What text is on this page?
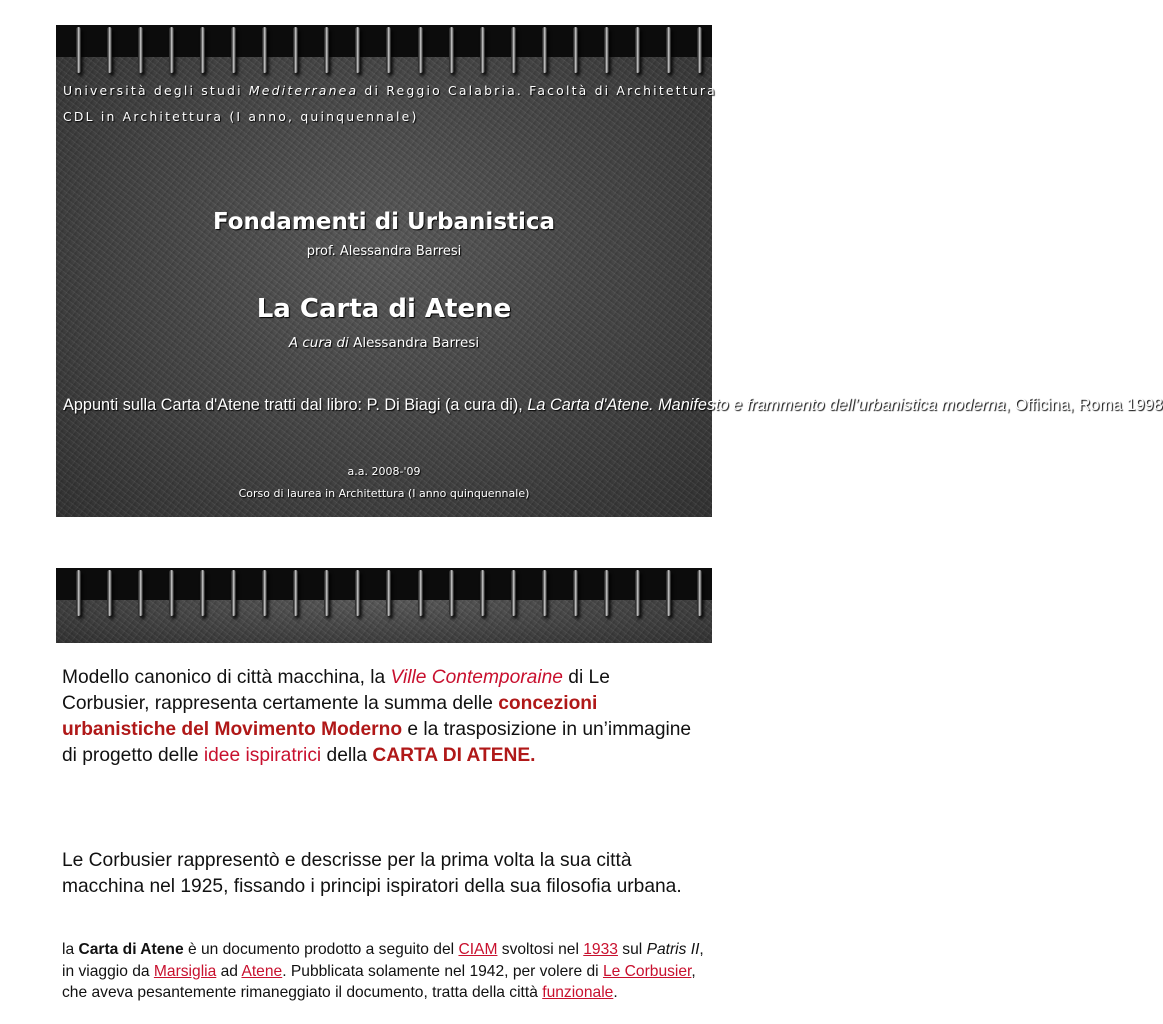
Università degli studi Mediterranea di Reggio Calabria. Facoltà di Architettura
CDL in Architettura (I anno, quinquennale)
Fondamenti di Urbanistica
prof. Alessandra Barresi
La Carta di Atene
A cura di Alessandra Barresi
Appunti sulla Carta d'Atene tratti dal libro: P. Di Biagi (a cura di), La Carta d'Atene. Manifesto e frammento dell’urbanistica moderna, Officina, Roma 1998
a.a. 2008-'09
Corso di laurea in Architettura (I anno quinquennale)

Modello canonico di città macchina, la Ville Contemporaine di Le Corbusier, rappresenta certamente la summa delle concezioni urbanistiche del Movimento Moderno e la trasposizione in un’immagine di progetto delle idee ispiratrici della CARTA DI ATENE.

Le Corbusier rappresentò e descrisse per la prima volta la sua città macchina nel 1925, fissando i principi ispiratori della sua filosofia urbana.

la Carta di Atene è un documento prodotto a seguito del CIAM svoltosi nel 1933 sul Patris II, in viaggio da Marsiglia ad Atene. Pubblicata solamente nel 1942, per volere di Le Corbusier, che aveva pesantemente rimaneggiato il documento, tratta della città funzionale.
